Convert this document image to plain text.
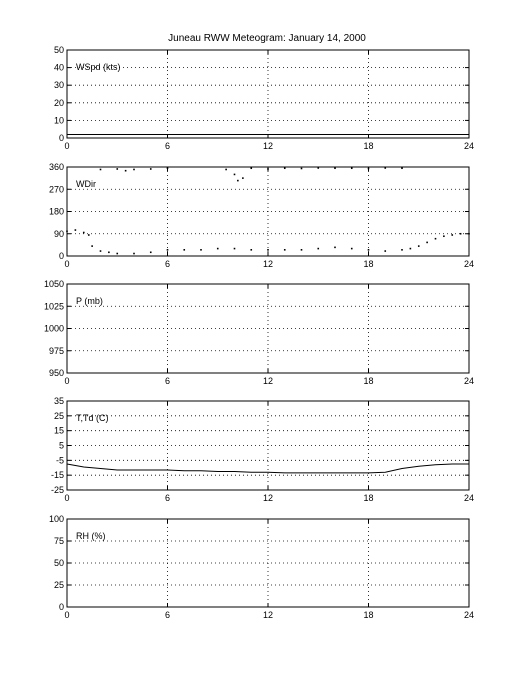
Juneau RWW Meteogram: January 14, 2000
0	6	12	18	24
0
10
20
30
40
50
WSpd (kts)
0	6	12	18	24
0
90
180
270
360
WDir
0	6	12	18	24
950
975
1000
1025
1050
P (mb)
0	6	12	18	24
-25
-15
-5
5
15
25
35
T,Td (C)
0	6	12	18	24
0
25
50
75
100
RH (%)
